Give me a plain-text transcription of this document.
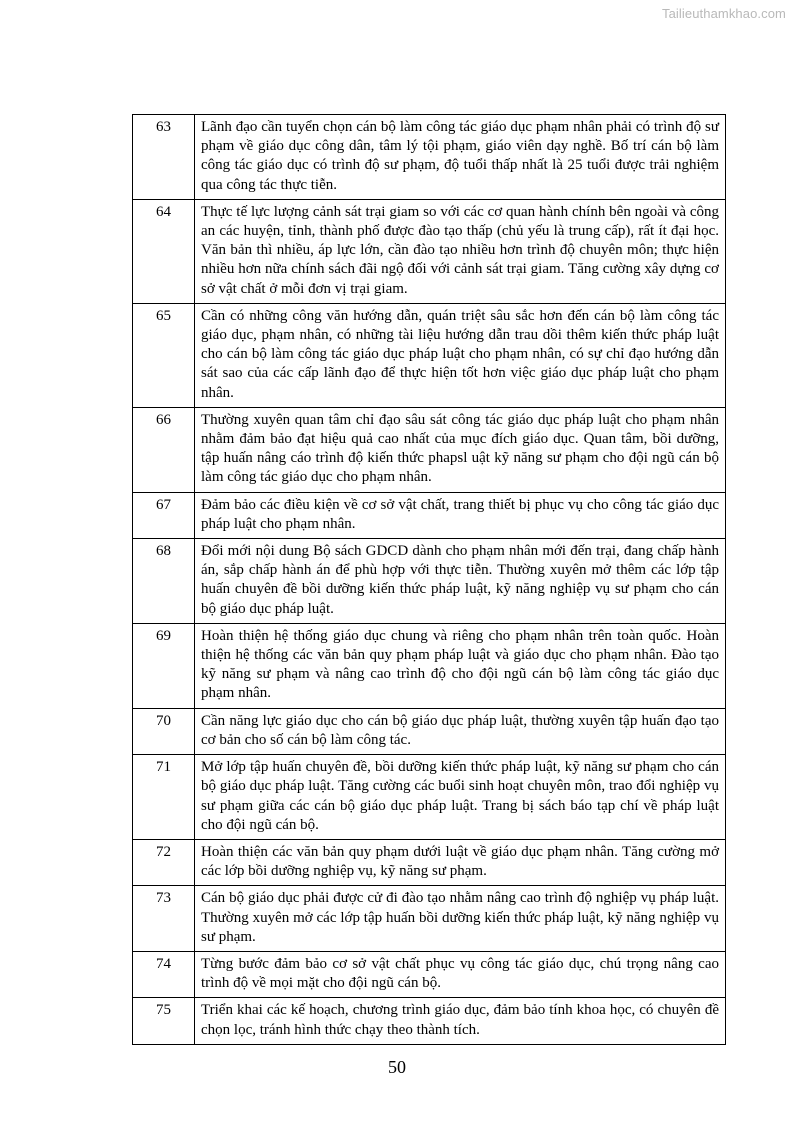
Tailieuthamkhao.com
63	Lãnh đạo cần tuyển chọn cán bộ làm công tác giáo dục phạm nhân phải có trình độ sư phạm về giáo dục công dân, tâm lý tội phạm, giáo viên dạy nghề. Bố trí cán bộ làm công tác giáo dục có trình độ sư phạm, độ tuổi thấp nhất là 25 tuổi được trải nghiệm qua công tác thực tiễn.
64	Thực tế lực lượng cảnh sát trại giam so với các cơ quan hành chính bên ngoài và công an các huyện, tỉnh, thành phố được đào tạo thấp (chủ yếu là trung cấp), rất ít đại học. Văn bản thì nhiều, áp lực lớn, cần đào tạo nhiều hơn trình độ chuyên môn; thực hiện nhiều hơn nữa chính sách đãi ngộ đối với cảnh sát trại giam. Tăng cường xây dựng cơ sở vật chất ở mỗi đơn vị trại giam.
65	Cần có những công văn hướng dẫn, quán triệt sâu sắc hơn đến cán bộ làm công tác giáo dục, phạm nhân, có những tài liệu hướng dẫn trau dồi thêm kiến thức pháp luật cho cán bộ làm công tác giáo dục pháp luật cho phạm nhân, có sự chỉ đạo hướng dẫn sát sao của các cấp lãnh đạo để thực hiện tốt hơn việc giáo dục pháp luật cho phạm nhân.
66	Thường xuyên quan tâm chỉ đạo sâu sát công tác giáo dục pháp luật cho phạm nhân nhằm đảm bảo đạt hiệu quả cao nhất của mục đích giáo dục. Quan tâm, bồi dưỡng, tập huấn nâng cáo trình độ kiến thức phapsl uật kỹ năng sư phạm cho đội ngũ cán bộ làm công tác giáo dục cho phạm nhân.
67	Đảm bảo các điều kiện về cơ sở vật chất, trang thiết bị phục vụ cho công tác giáo dục pháp luật cho phạm nhân.
68	Đổi mới nội dung Bộ sách GDCD dành cho phạm nhân mới đến trại, đang chấp hành án, sắp chấp hành án để phù hợp với thực tiễn. Thường xuyên mở thêm các lớp tập huấn chuyên đề bồi dưỡng kiến thức pháp luật, kỹ năng nghiệp vụ sư phạm cho cán bộ giáo dục pháp luật.
69	Hoàn thiện hệ thống giáo dục chung và riêng cho phạm nhân trên toàn quốc. Hoàn thiện hệ thống các văn bản quy phạm pháp luật và giáo dục cho phạm nhân. Đào tạo kỹ năng sư phạm và nâng cao trình độ cho đội ngũ cán bộ làm công tác giáo dục phạm nhân.
70	Cần năng lực giáo dục cho cán bộ giáo dục pháp luật, thường xuyên tập huấn đạo tạo cơ bản cho số cán bộ làm công tác.
71	Mở lớp tập huấn chuyên đề, bồi dưỡng kiến thức pháp luật, kỹ năng sư phạm cho cán bộ giáo dục pháp luật. Tăng cường các buổi sinh hoạt chuyên môn, trao đổi nghiệp vụ sư phạm giữa các cán bộ giáo dục pháp luật. Trang bị sách báo tạp chí về pháp luật cho đội ngũ cán bộ.
72	Hoàn thiện các văn bản quy phạm dưới luật về giáo dục phạm nhân. Tăng cường mở các lớp bồi dưỡng nghiệp vụ, kỹ năng sư phạm.
73	Cán bộ giáo dục phải được cử đi đào tạo nhằm nâng cao trình độ nghiệp vụ pháp luật. Thường xuyên mở các lớp tập huấn bồi dưỡng kiến thức pháp luật, kỹ năng nghiệp vụ sư phạm.
74	Từng bước đảm bảo cơ sở vật chất phục vụ công tác giáo dục, chú trọng nâng cao trình độ về mọi mặt cho đội ngũ cán bộ.
75	Triển khai các kế hoạch, chương trình giáo dục, đảm bảo tính khoa học, có chuyên đề chọn lọc, tránh hình thức chạy theo thành tích.
50
